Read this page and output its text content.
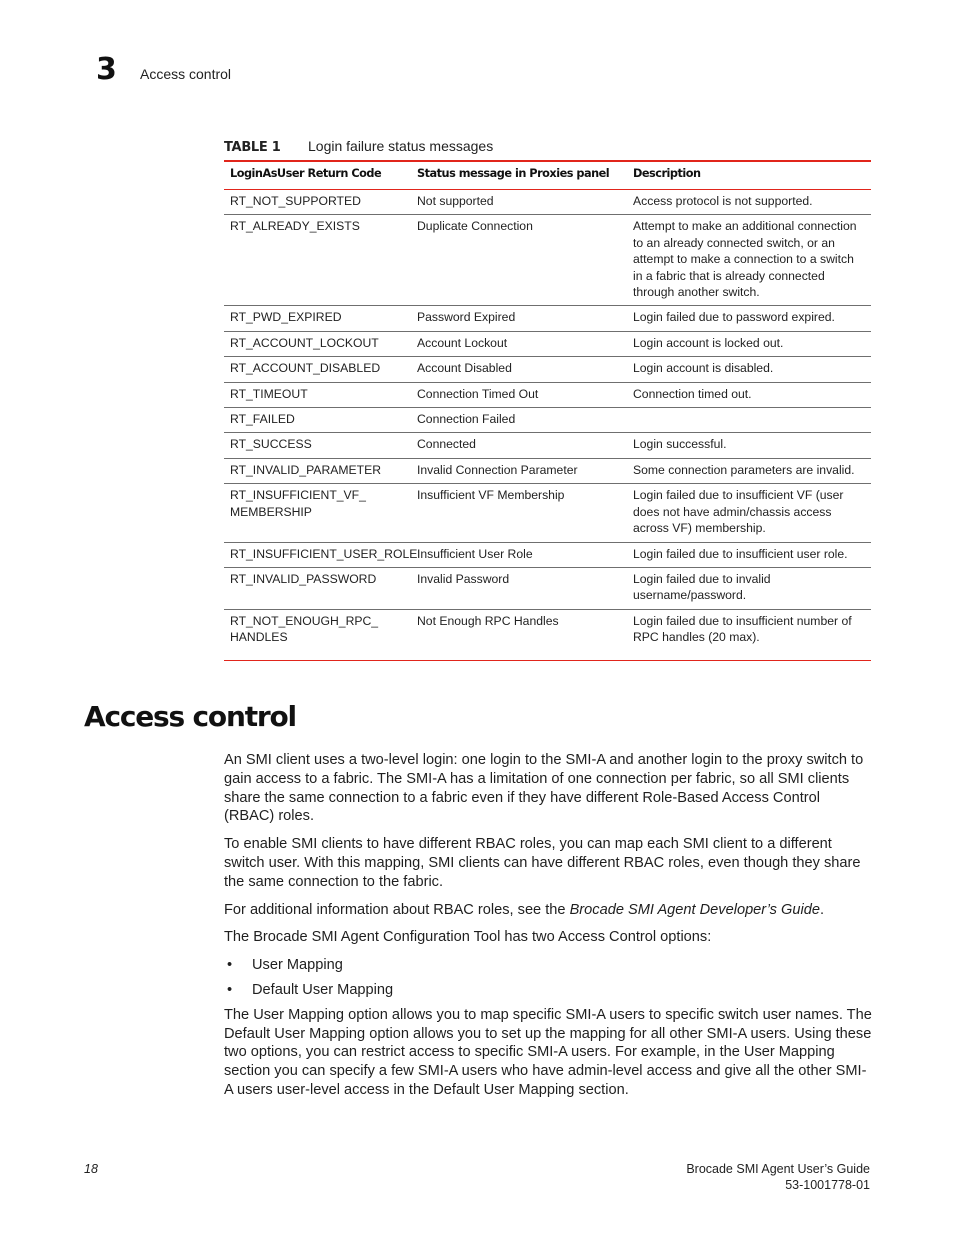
3 Access control
TABLE 1 Login failure status messages
LoginAsUser Return Code	Status message in Proxies panel	Description
RT_NOT_SUPPORTED	Not supported	Access protocol is not supported.
RT_ALREADY_EXISTS	Duplicate Connection	Attempt to make an additional connection to an already connected switch, or an attempt to make a connection to a switch in a fabric that is already connected through another switch.
RT_PWD_EXPIRED	Password Expired	Login failed due to password expired.
RT_ACCOUNT_LOCKOUT	Account Lockout	Login account is locked out.
RT_ACCOUNT_DISABLED	Account Disabled	Login account is disabled.
RT_TIMEOUT	Connection Timed Out	Connection timed out.
RT_FAILED	Connection Failed	
RT_SUCCESS	Connected	Login successful.
RT_INVALID_PARAMETER	Invalid Connection Parameter	Some connection parameters are invalid.
RT_INSUFFICIENT_VF_ MEMBERSHIP	Insufficient VF Membership	Login failed due to insufficient VF (user does not have admin/chassis access across VF) membership.
RT_INSUFFICIENT_USER_ROLE	Insufficient User Role	Login failed due to insufficient user role.
RT_INVALID_PASSWORD	Invalid Password	Login failed due to invalid username/password.
RT_NOT_ENOUGH_RPC_ HANDLES	Not Enough RPC Handles	Login failed due to insufficient number of RPC handles (20 max).
Access control

An SMI client uses a two-level login: one login to the SMI-A and another login to the proxy switch to gain access to a fabric. The SMI-A has a limitation of one connection per fabric, so all SMI clients share the same connection to a fabric even if they have different Role-Based Access Control (RBAC) roles.

To enable SMI clients to have different RBAC roles, you can map each SMI client to a different switch user. With this mapping, SMI clients can have different RBAC roles, even though they share the same connection to the fabric.

For additional information about RBAC roles, see the Brocade SMI Agent Developer’s Guide.

The Brocade SMI Agent Configuration Tool has two Access Control options:

• User Mapping
• Default User Mapping

The User Mapping option allows you to map specific SMI-A users to specific switch user names. The Default User Mapping option allows you to set up the mapping for all other SMI-A users. Using these two options, you can restrict access to specific SMI-A users. For example, in the User Mapping section you can specify a few SMI-A users who have admin-level access and give all the other SMI-A users user-level access in the Default User Mapping section.

18	Brocade SMI Agent User’s Guide
53-1001778-01
